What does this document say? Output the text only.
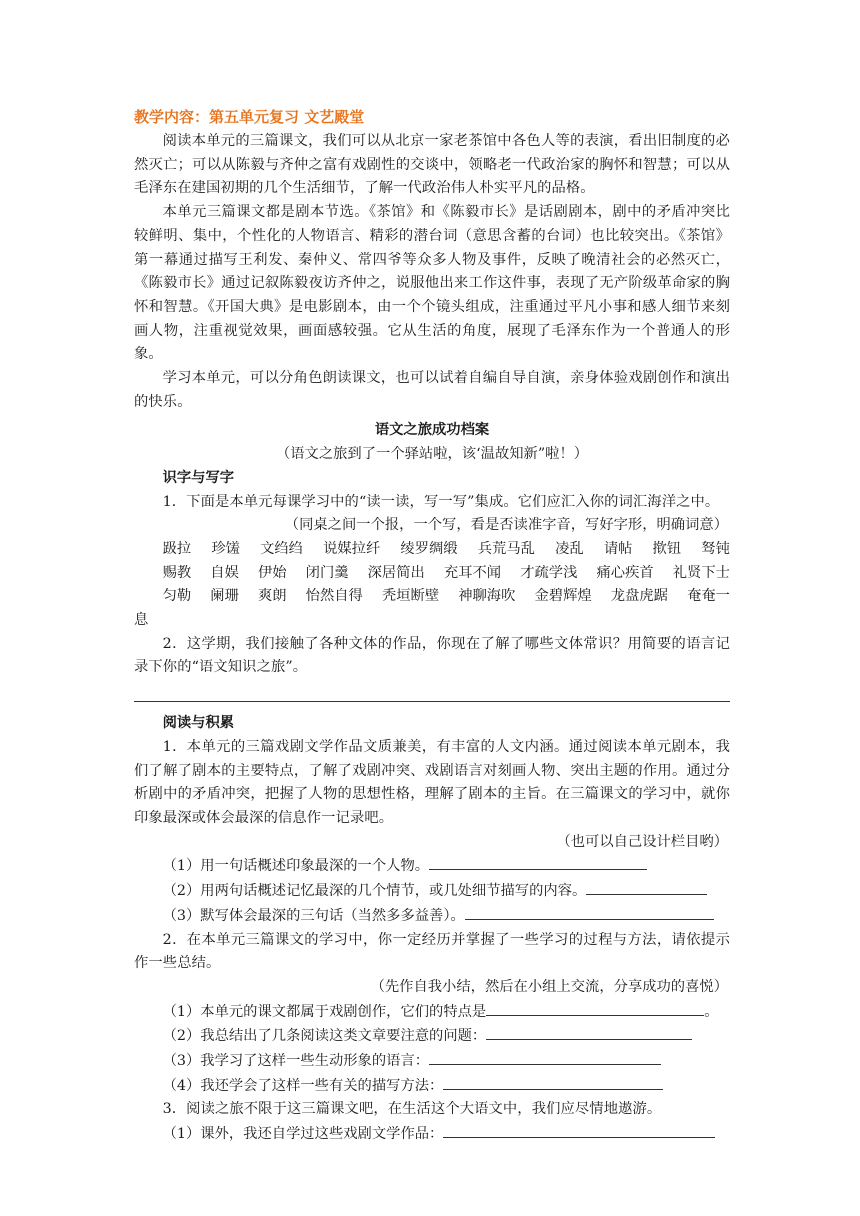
教学内容：第五单元复习 文艺殿堂

阅读本单元的三篇课文，我们可以从北京一家老茶馆中各色人等的表演，看出旧制度的必然灭亡；可以从陈毅与齐仲之富有戏剧性的交谈中，领略老一代政治家的胸怀和智慧；可以从毛泽东在建国初期的几个生活细节，了解一代政治伟人朴实平凡的品格。

本单元三篇课文都是剧本节选。《茶馆》和《陈毅市长》是话剧剧本，剧中的矛盾冲突比较鲜明、集中，个性化的人物语言、精彩的潜台词（意思含蓄的台词）也比较突出。《茶馆》第一幕通过描写王利发、秦仲义、常四爷等众多人物及事件，反映了晚清社会的必然灭亡，《陈毅市长》通过记叙陈毅夜访齐仲之，说服他出来工作这件事，表现了无产阶级革命家的胸怀和智慧。《开国大典》是电影剧本，由一个个镜头组成，注重通过平凡小事和感人细节来刻画人物，注重视觉效果，画面感较强。它从生活的角度，展现了毛泽东作为一个普通人的形象。

学习本单元，可以分角色朗读课文，也可以试着自编自导自演，亲身体验戏剧创作和演出的快乐。

语文之旅成功档案

（语文之旅到了一个驿站啦，该‘温故知新”啦！）

识字与写字

1．下面是本单元每课学习中的“读一读，写一写”集成。它们应汇入你的词汇海洋之中。

（同桌之间一个报，一个写，看是否读准字音，写好字形，明确词意）

趿拉 珍馐 文绉绉 说媒拉纤 绫罗绸缎 兵荒马乱 凌乱 请帖 揿钮 驽钝
赐教 自娱 伊始 闭门羹 深居简出 充耳不闻 才疏学浅 痛心疾首 礼贤下士
匀勒 阑珊 爽朗 怡然自得 秃垣断壁 神聊海吹 金碧辉煌 龙盘虎踞 奄奄一

息

2．这学期，我们接触了各种文体的作品，你现在了解了哪些文体常识？用简要的语言记录下你的“语文知识之旅”。

阅读与积累

1．本单元的三篇戏剧文学作品文质兼美，有丰富的人文内涵。通过阅读本单元剧本，我们了解了剧本的主要特点，了解了戏剧冲突、戏剧语言对刻画人物、突出主题的作用。通过分析剧中的矛盾冲突，把握了人物的思想性格，理解了剧本的主旨。在三篇课文的学习中，就你印象最深或体会最深的信息作一记录吧。

（也可以自己设计栏目哟）

（1）用一句话概述印象最深的一个人物。

（2）用两句话概述记忆最深的几个情节，或几处细节描写的内容。

（3）默写体会最深的三句话（当然多多益善）。

2．在本单元三篇课文的学习中，你一定经历并掌握了一些学习的过程与方法，请依提示作一些总结。

（先作自我小结，然后在小组上交流，分享成功的喜悦）

（1）本单元的课文都属于戏剧创作，它们的特点是	。

（2）我总结出了几条阅读这类文章要注意的问题：

（3）我学习了这样一些生动形象的语言：

（4）我还学会了这样一些有关的描写方法：

3．阅读之旅不限于这三篇课文吧，在生活这个大语文中，我们应尽情地遨游。

（1）课外，我还自学过这些戏剧文学作品：
